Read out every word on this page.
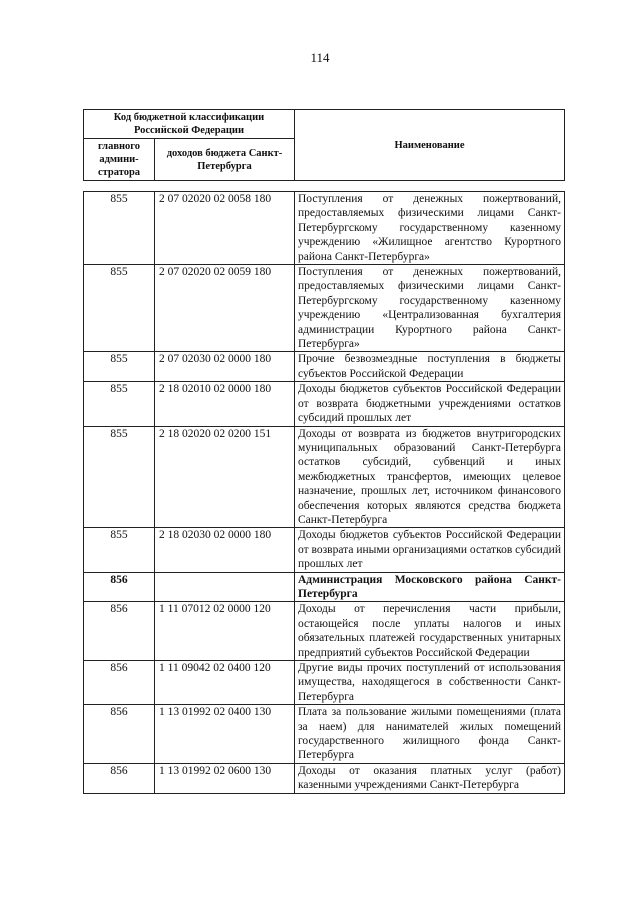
114
Код бюджетной классификации Российской Федерации		Наименование
главного админи-стратора	доходов бюджета Санкт-Петербурга	
855	2 07 02020 02 0058 180	Поступления от денежных пожертвований, предоставляемых физическими лицами Санкт-Петербургскому государственному казенному учреждению «Жилищное агентство Курортного района Санкт-Петербурга»
855	2 07 02020 02 0059 180	Поступления от денежных пожертвований, предоставляемых физическими лицами Санкт-Петербургскому государственному казенному учреждению «Централизованная бухгалтерия администрации Курортного района Санкт-Петербурга»
855	2 07 02030 02 0000 180	Прочие безвозмездные поступления в бюджеты субъектов Российской Федерации
855	2 18 02010 02 0000 180	Доходы бюджетов субъектов Российской Федерации от возврата бюджетными учреждениями остатков субсидий прошлых лет
855	2 18 02020 02 0200 151	Доходы от возврата из бюджетов внутригородских муниципальных образований Санкт-Петербурга остатков субсидий, субвенций и иных межбюджетных трансфертов, имеющих целевое назначение, прошлых лет, источником финансового обеспечения которых являются средства бюджета Санкт-Петербурга
855	2 18 02030 02 0000 180	Доходы бюджетов субъектов Российской Федерации от возврата иными организациями остатков субсидий прошлых лет
856		Администрация Московского района Санкт-Петербурга
856	1 11 07012 02 0000 120	Доходы от перечисления части прибыли, остающейся после уплаты налогов и иных обязательных платежей государственных унитарных предприятий субъектов Российской Федерации
856	1 11 09042 02 0400 120	Другие виды прочих поступлений от использования имущества, находящегося в собственности Санкт-Петербурга
856	1 13 01992 02 0400 130	Плата за пользование жилыми помещениями (плата за наем) для нанимателей жилых помещений государственного жилищного фонда Санкт-Петербурга
856	1 13 01992 02 0600 130	Доходы от оказания платных услуг (работ) казенными учреждениями Санкт-Петербурга
